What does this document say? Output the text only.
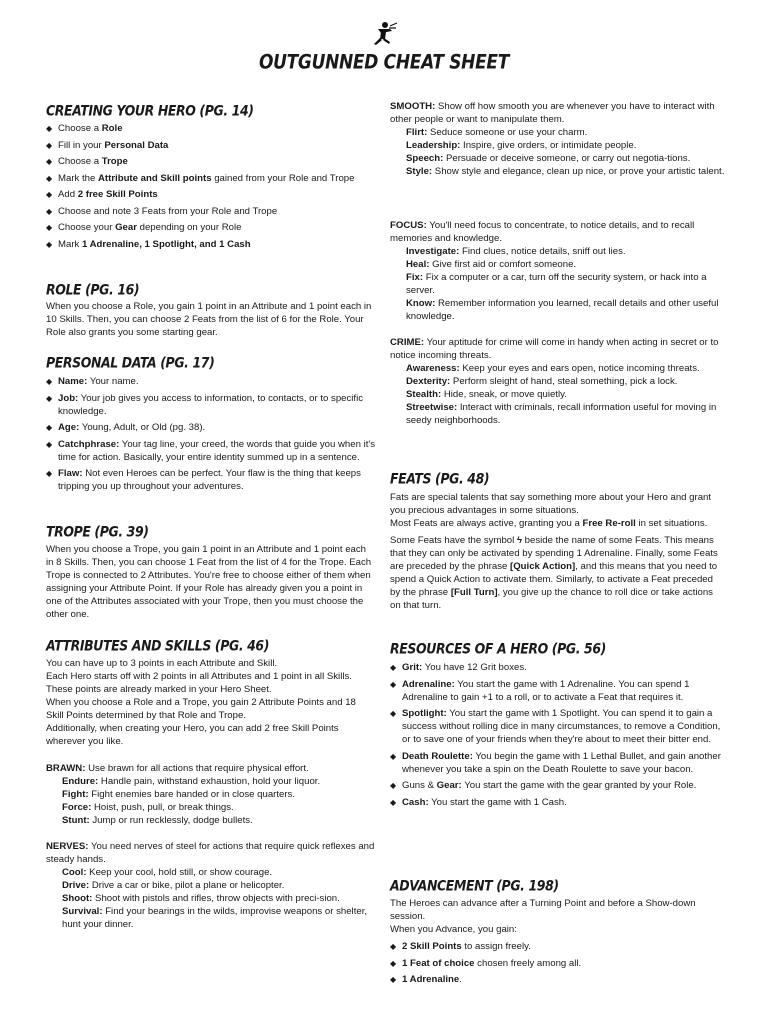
OUTGUNNED CHEAT SHEET
CREATING YOUR HERO (PG. 14)
◆ Choose a Role
◆ Fill in your Personal Data
◆ Choose a Trope
◆ Mark the Attribute and Skill points gained from your Role and Trope
◆ Add 2 free Skill Points
◆ Choose and note 3 Feats from your Role and Trope
◆ Choose your Gear depending on your Role
◆ Mark 1 Adrenaline, 1 Spotlight, and 1 Cash
ROLE (PG. 16)

When you choose a Role, you gain 1 point in an Attribute and 1 point each in 10 Skills. Then, you can choose 2 Feats from the list of 6 for the Role. Your Role also grants you some starting gear.

PERSONAL DATA (PG. 17)
◆ Name: Your name.
◆ Job: Your job gives you access to information, to contacts, or to specific knowledge.
◆ Age: Young, Adult, or Old (pg. 38).
◆ Catchphrase: Your tag line, your creed, the words that guide you when it's time for action. Basically, your entire identity summed up in a sentence.
◆ Flaw: Not even Heroes can be perfect. Your flaw is the thing that keeps tripping you up throughout your adventures.
TROPE (PG. 39)

When you choose a Trope, you gain 1 point in an Attribute and 1 point each in 8 Skills. Then, you can choose 1 Feat from the list of 4 for the Trope. Each Trope is connected to 2 Attributes. You're free to choose either of them when assigning your Attribute Point. If your Role has already given you a point in one of the Attributes associated with your Trope, then you must choose the other one.

ATTRIBUTES AND SKILLS (PG. 46)

You can have up to 3 points in each Attribute and Skill.

Each Hero starts off with 2 points in all Attributes and 1 point in all Skills. These points are already marked in your Hero Sheet.

When you choose a Role and a Trope, you gain 2 Attribute Points and 18 Skill Points determined by that Role and Trope.

Additionally, when creating your Hero, you can add 2 free Skill Points wherever you like.

BRAWN: Use brawn for all actions that require physical effort.

Endure: Handle pain, withstand exhaustion, hold your liquor.

Fight: Fight enemies bare handed or in close quarters.

Force: Hoist, push, pull, or break things.

Stunt: Jump or run recklessly, dodge bullets.

NERVES: You need nerves of steel for actions that require quick reflexes and steady hands.

Cool: Keep your cool, hold still, or show courage.

Drive: Drive a car or bike, pilot a plane or helicopter.

Shoot: Shoot with pistols and rifles, throw objects with preci-sion.

Survival: Find your bearings in the wilds, improvise weapons or shelter, hunt your dinner.

SMOOTH: Show off how smooth you are whenever you have to interact with other people or want to manipulate them.

Flirt: Seduce someone or use your charm.

Leadership: Inspire, give orders, or intimidate people.

Speech: Persuade or deceive someone, or carry out negotia-tions.

Style: Show style and elegance, clean up nice, or prove your artistic talent.

FOCUS: You'll need focus to concentrate, to notice details, and to recall memories and knowledge.

Investigate: Find clues, notice details, sniff out lies.

Heal: Give first aid or comfort someone.

Fix: Fix a computer or a car, turn off the security system, or hack into a server.

Know: Remember information you learned, recall details and other useful knowledge.

CRIME: Your aptitude for crime will come in handy when acting in secret or to notice incoming threats.

Awareness: Keep your eyes and ears open, notice incoming threats.

Dexterity: Perform sleight of hand, steal something, pick a lock.

Stealth: Hide, sneak, or move quietly.

Streetwise: Interact with criminals, recall information useful for moving in seedy neighborhoods.

FEATS (PG. 48)

Fats are special talents that say something more about your Hero and grant you precious advantages in some situations.

Most Feats are always active, granting you a Free Re-roll in set situations.

Some Feats have the symbol ϟ beside the name of some Feats. This means that they can only be activated by spending 1 Adrenaline. Finally, some Feats are preceded by the phrase [Quick Action], and this means that you need to spend a Quick Action to activate them. Similarly, to activate a Feat preceded by the phrase [Full Turn], you give up the chance to roll dice or take actions on that turn.

RESOURCES OF A HERO (PG. 56)
◆ Grit: You have 12 Grit boxes.
◆ Adrenaline: You start the game with 1 Adrenaline. You can spend 1 Adrenaline to gain +1 to a roll, or to activate a Feat that requires it.
◆ Spotlight: You start the game with 1 Spotlight. You can spend it to gain a success without rolling dice in many circumstances, to remove a Condition, or to save one of your friends when they're about to meet their bitter end.
◆ Death Roulette: You begin the game with 1 Lethal Bullet, and gain another whenever you take a spin on the Death Roulette to save your bacon.
◆ Guns & Gear: You start the game with the gear granted by your Role.
◆ Cash: You start the game with 1 Cash.
ADVANCEMENT (PG. 198)

The Heroes can advance after a Turning Point and before a Show-down session.

When you Advance, you gain:

◆ 2 Skill Points to assign freely.
◆ 1 Feat of choice chosen freely among all.
◆ 1 Adrenaline.
